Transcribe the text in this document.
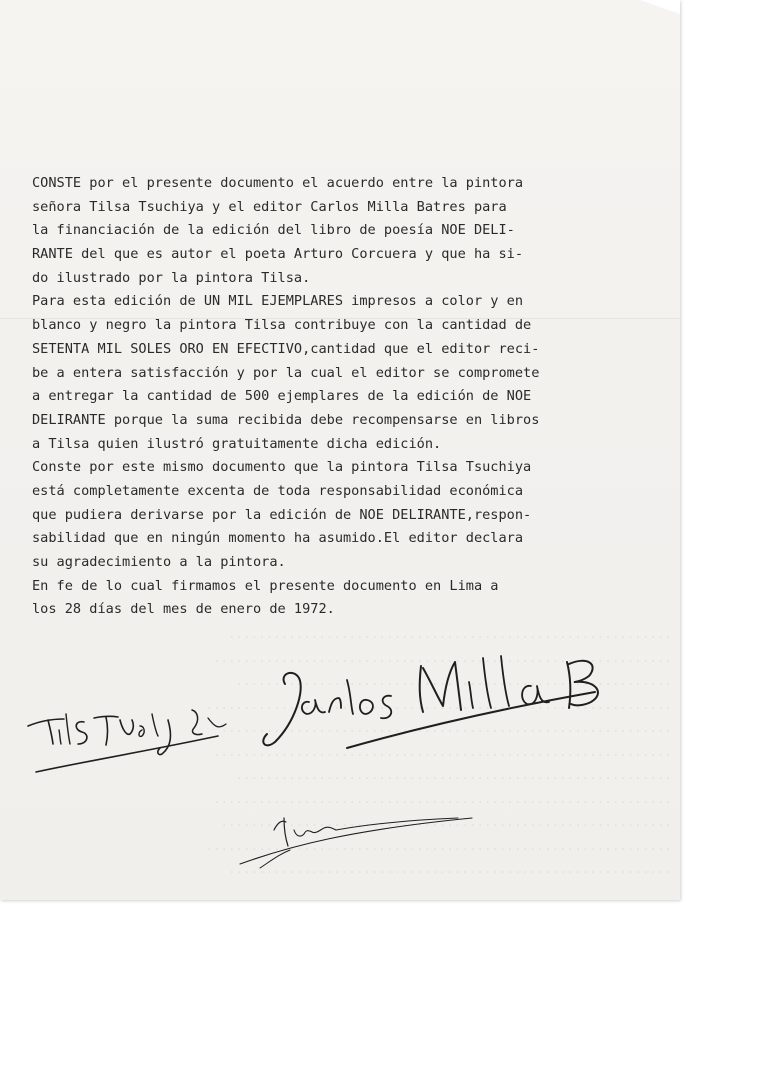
...........................................................
.............................................................
..........................................................
..............................................................
............................................................
.............................................................
..........................................................
.............................................................
............................................................
..............................................................
...........................................................
CONSTE por el presente documento el acuerdo entre la pintora
señora Tilsa Tsuchiya y el editor Carlos Milla Batres para
la financiación de la edición del libro de poesía NOE DELI-
RANTE del que es autor el poeta Arturo Corcuera y que ha si-
do ilustrado por la pintora Tilsa.
Para esta edición de UN MIL EJEMPLARES impresos a color y en
blanco y negro la pintora Tilsa contribuye con la cantidad de
SETENTA MIL SOLES ORO EN EFECTIVO,cantidad que el editor reci-
be a entera satisfacción y por la cual el editor se compromete
a entregar la cantidad de 500 ejemplares de la edición de NOE
DELIRANTE porque la suma recibida debe recompensarse en libros
a Tilsa quien ilustró gratuitamente dicha edición.
Conste por este mismo documento que la pintora Tilsa Tsuchiya
está completamente excenta de toda responsabilidad económica
que pudiera derivarse por la edición de NOE DELIRANTE,respon-
sabilidad que en ningún momento ha asumido.El editor declara
su agradecimiento a la pintora.
En fe de lo cual firmamos el presente documento en Lima a
los 28 días del mes de enero de 1972.
